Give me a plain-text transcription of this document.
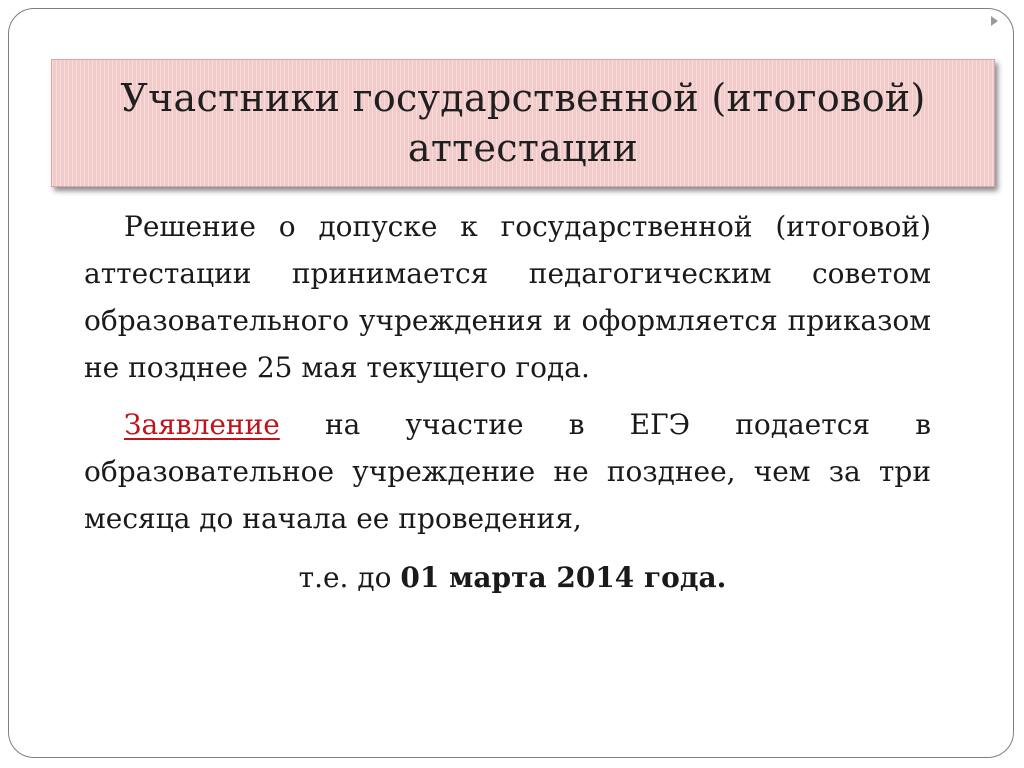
Участники государственной (итоговой) аттестации

Решение о допуске к государственной (итоговой) аттестации принимается педагогическим советом образовательного учреждения и оформляется приказом не позднее 25 мая текущего года.

Заявление на участие в ЕГЭ подается в образовательное учреждение не позднее, чем за три месяца до начала ее проведения,

т.е. до 01 марта 2014 года.
